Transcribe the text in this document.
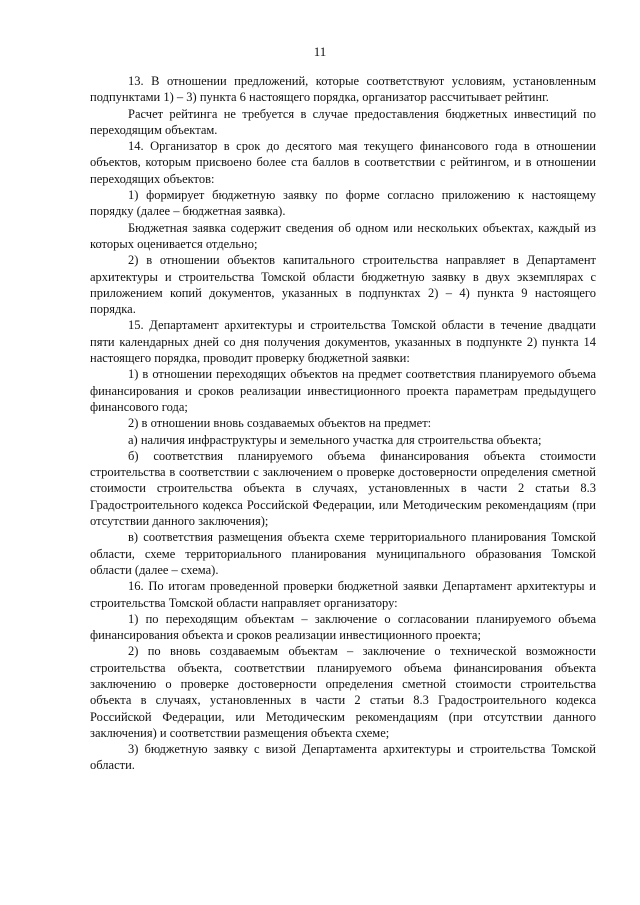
11

13. В отношении предложений, которые соответствуют условиям, установленным подпунктами 1) – 3) пункта 6 настоящего порядка, организатор рассчитывает рейтинг.

Расчет рейтинга не требуется в случае предоставления бюджетных инвестиций по переходящим объектам.

14. Организатор в срок до десятого мая текущего финансового года в отношении объектов, которым присвоено более ста баллов в соответствии с рейтингом, и в отношении переходящих объектов:

1) формирует бюджетную заявку по форме согласно приложению к настоящему порядку (далее – бюджетная заявка).

Бюджетная заявка содержит сведения об одном или нескольких объектах, каждый из которых оценивается отдельно;

2) в отношении объектов капитального строительства направляет в Департамент архитектуры и строительства Томской области бюджетную заявку в двух экземплярах с приложением копий документов, указанных в подпунктах 2) – 4) пункта 9 настоящего порядка.

15. Департамент архитектуры и строительства Томской области в течение двадцати пяти календарных дней со дня получения документов, указанных в подпункте 2) пункта 14 настоящего порядка, проводит проверку бюджетной заявки:

1) в отношении переходящих объектов на предмет соответствия планируемого объема финансирования и сроков реализации инвестиционного проекта параметрам предыдущего финансового года;

2) в отношении вновь создаваемых объектов на предмет:

а) наличия инфраструктуры и земельного участка для строительства объекта;

б) соответствия планируемого объема финансирования объекта стоимости строительства в соответствии с заключением о проверке достоверности определения сметной стоимости строительства объекта в случаях, установленных в части 2 статьи 8.3 Градостроительного кодекса Российской Федерации, или Методическим рекомендациям (при отсутствии данного заключения);

в) соответствия размещения объекта схеме территориального планирования Томской области, схеме территориального планирования муниципального образования Томской области (далее – схема).

16. По итогам проведенной проверки бюджетной заявки Департамент архитектуры и строительства Томской области направляет организатору:

1) по переходящим объектам – заключение о согласовании планируемого объема финансирования объекта и сроков реализации инвестиционного проекта;

2) по вновь создаваемым объектам – заключение о технической возможности строительства объекта, соответствии планируемого объема финансирования объекта заключению о проверке достоверности определения сметной стоимости строительства объекта в случаях, установленных в части 2 статьи 8.3 Градостроительного кодекса Российской Федерации, или Методическим рекомендациям (при отсутствии данного заключения) и соответствии размещения объекта схеме;

3) бюджетную заявку с визой Департамента архитектуры и строительства Томской области.
